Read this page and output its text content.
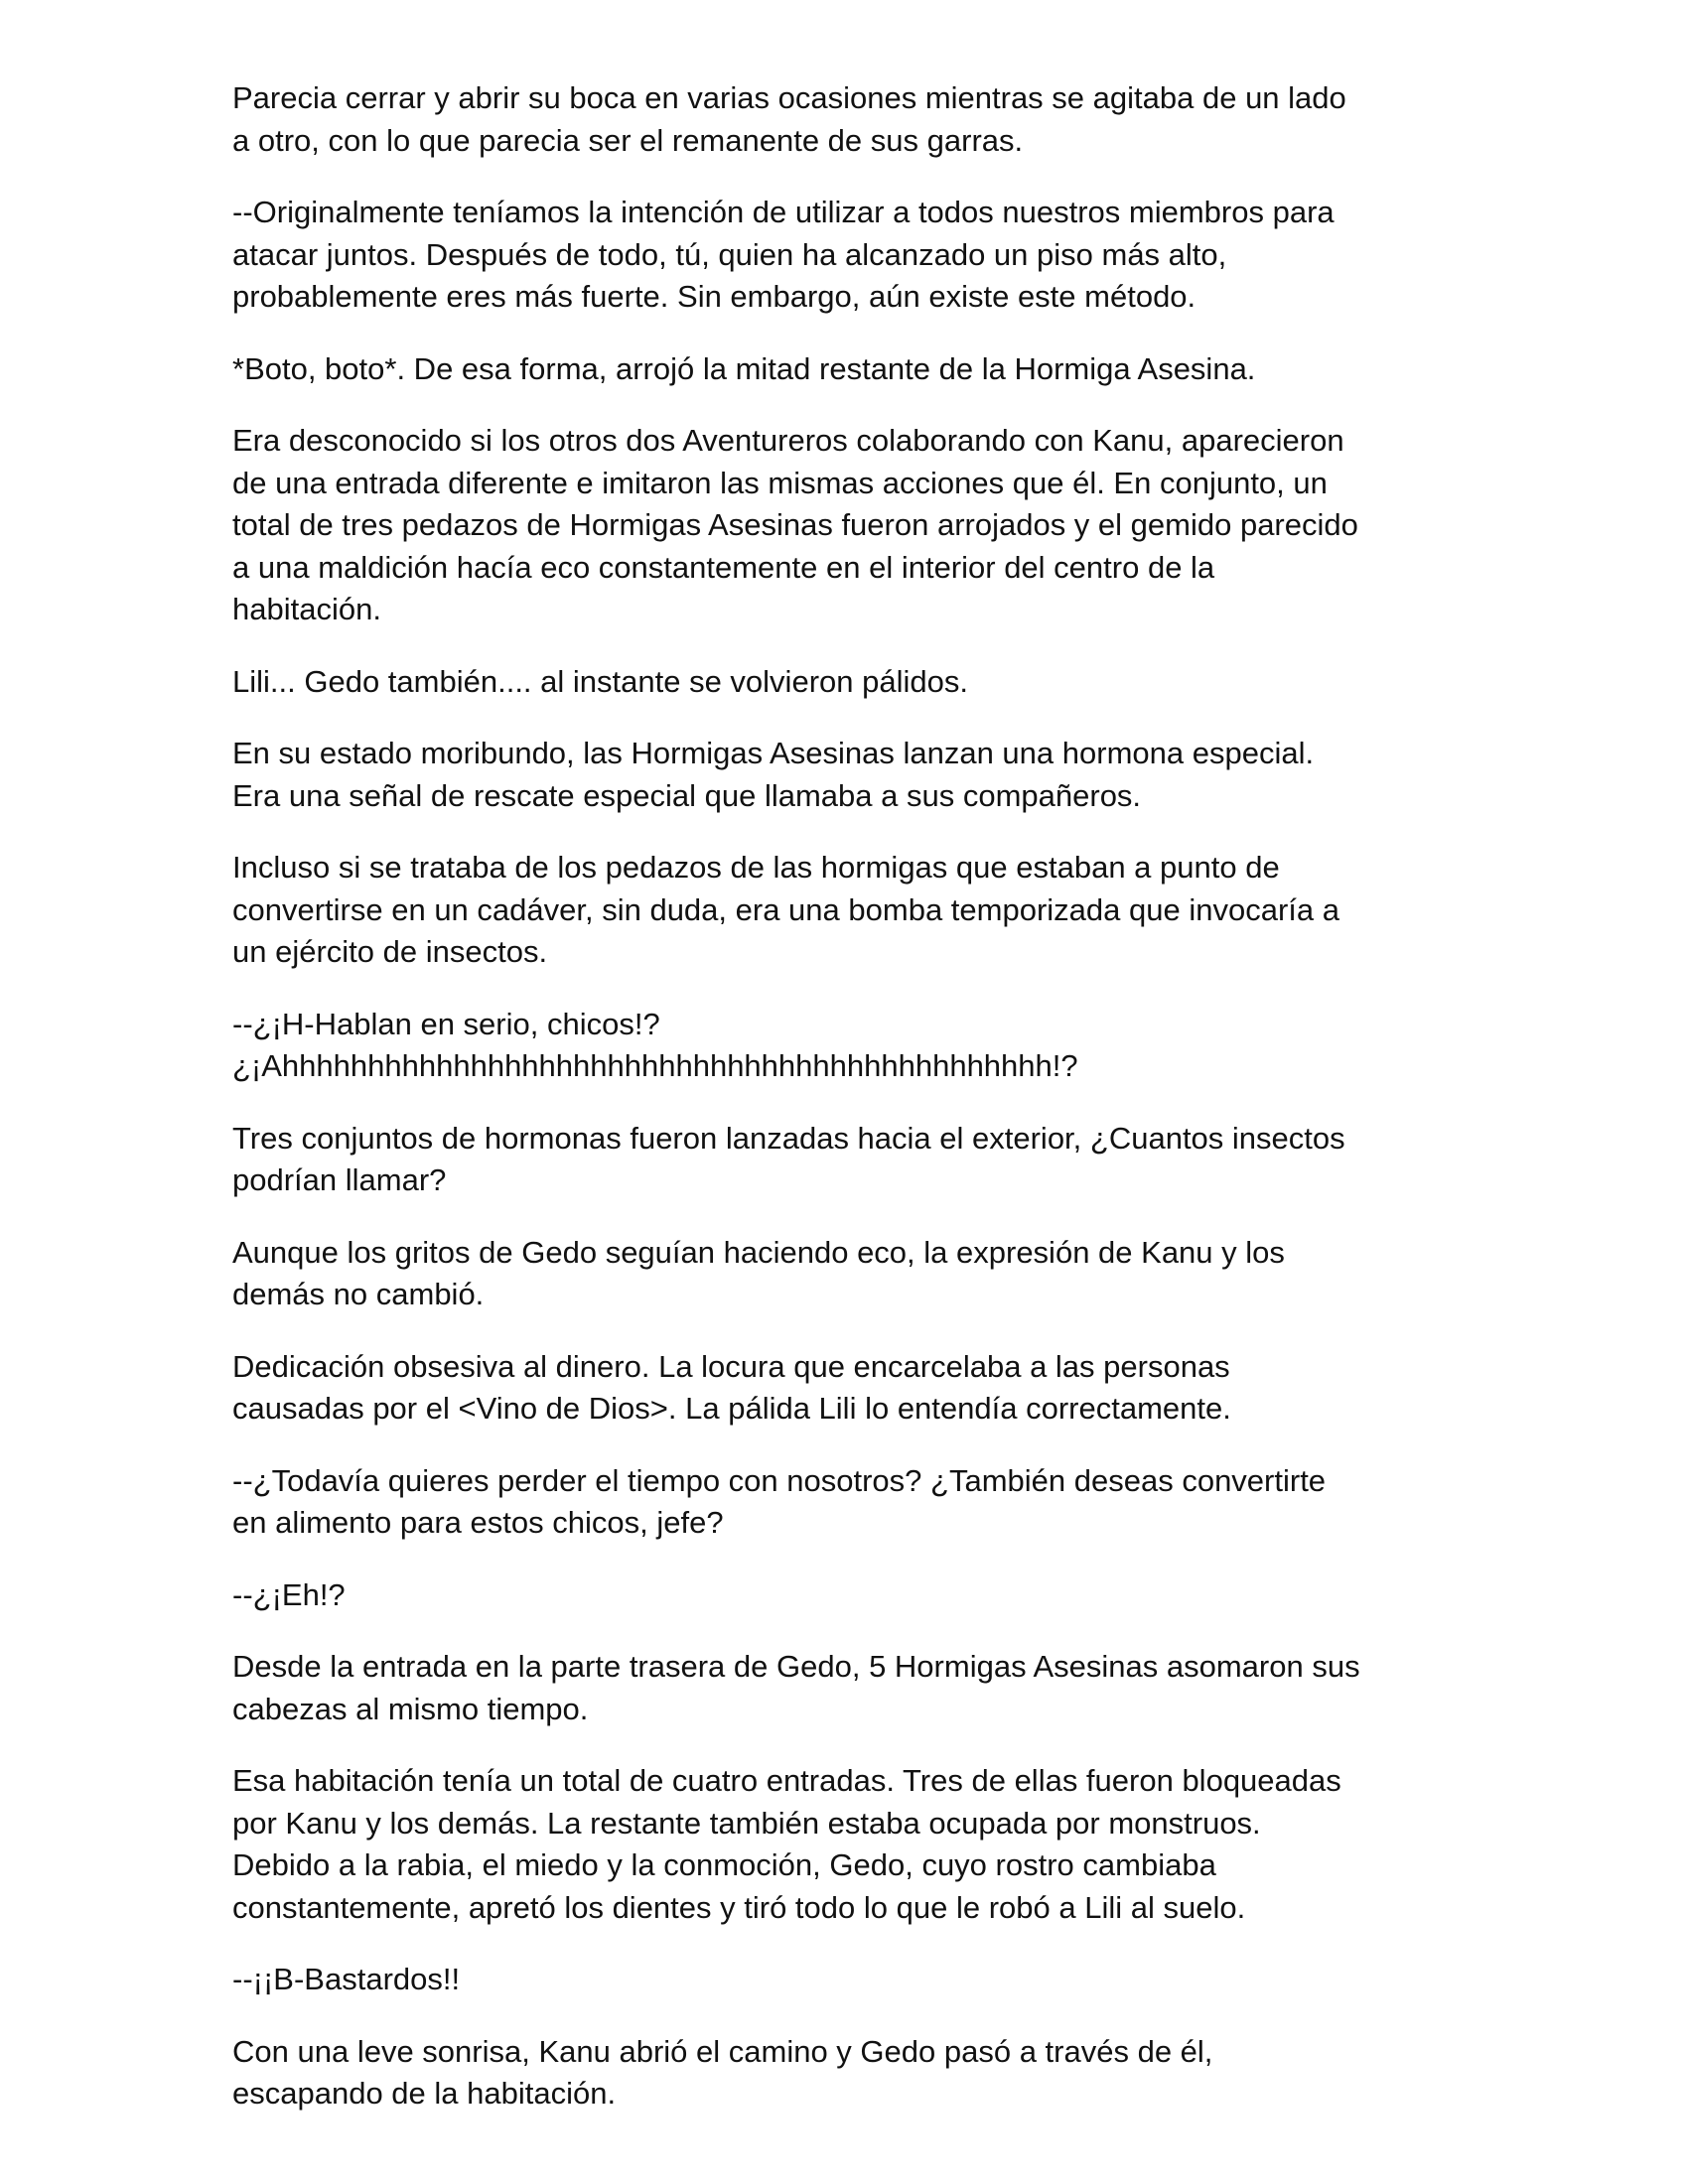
Parecia cerrar y abrir su boca en varias ocasiones mientras se agitaba de un lado
a otro, con lo que parecia ser el remanente de sus garras.

--Originalmente teníamos la intención de utilizar a todos nuestros miembros para
atacar juntos. Después de todo, tú, quien ha alcanzado un piso más alto,
probablemente eres más fuerte. Sin embargo, aún existe este método.

*Boto, boto*. De esa forma, arrojó la mitad restante de la Hormiga Asesina.

Era desconocido si los otros dos Aventureros colaborando con Kanu, aparecieron
de una entrada diferente e imitaron las mismas acciones que él. En conjunto, un
total de tres pedazos de Hormigas Asesinas fueron arrojados y el gemido parecido
a una maldición hacía eco constantemente en el interior del centro de la
habitación.

Lili... Gedo también.... al instante se volvieron pálidos.

En su estado moribundo, las Hormigas Asesinas lanzan una hormona especial.
Era una señal de rescate especial que llamaba a sus compañeros.

Incluso si se trataba de los pedazos de las hormigas que estaban a punto de
convertirse en un cadáver, sin duda, era una bomba temporizada que invocaría a
un ejército de insectos.

--¿¡H-Hablan en serio, chicos!?
¿¡Ahhhhhhhhhhhhhhhhhhhhhhhhhhhhhhhhhhhhhhhhhhhhh!?

Tres conjuntos de hormonas fueron lanzadas hacia el exterior, ¿Cuantos insectos
podrían llamar?

Aunque los gritos de Gedo seguían haciendo eco, la expresión de Kanu y los
demás no cambió.

Dedicación obsesiva al dinero. La locura que encarcelaba a las personas
causadas por el <Vino de Dios>. La pálida Lili lo entendía correctamente.

--¿Todavía quieres perder el tiempo con nosotros? ¿También deseas convertirte
en alimento para estos chicos, jefe?

--¿¡Eh!?

Desde la entrada en la parte trasera de Gedo, 5 Hormigas Asesinas asomaron sus
cabezas al mismo tiempo.

Esa habitación tenía un total de cuatro entradas. Tres de ellas fueron bloqueadas
por Kanu y los demás. La restante también estaba ocupada por monstruos.
Debido a la rabia, el miedo y la conmoción, Gedo, cuyo rostro cambiaba
constantemente, apretó los dientes y tiró todo lo que le robó a Lili al suelo.

--¡¡B-Bastardos!!

Con una leve sonrisa, Kanu abrió el camino y Gedo pasó a través de él,
escapando de la habitación.
